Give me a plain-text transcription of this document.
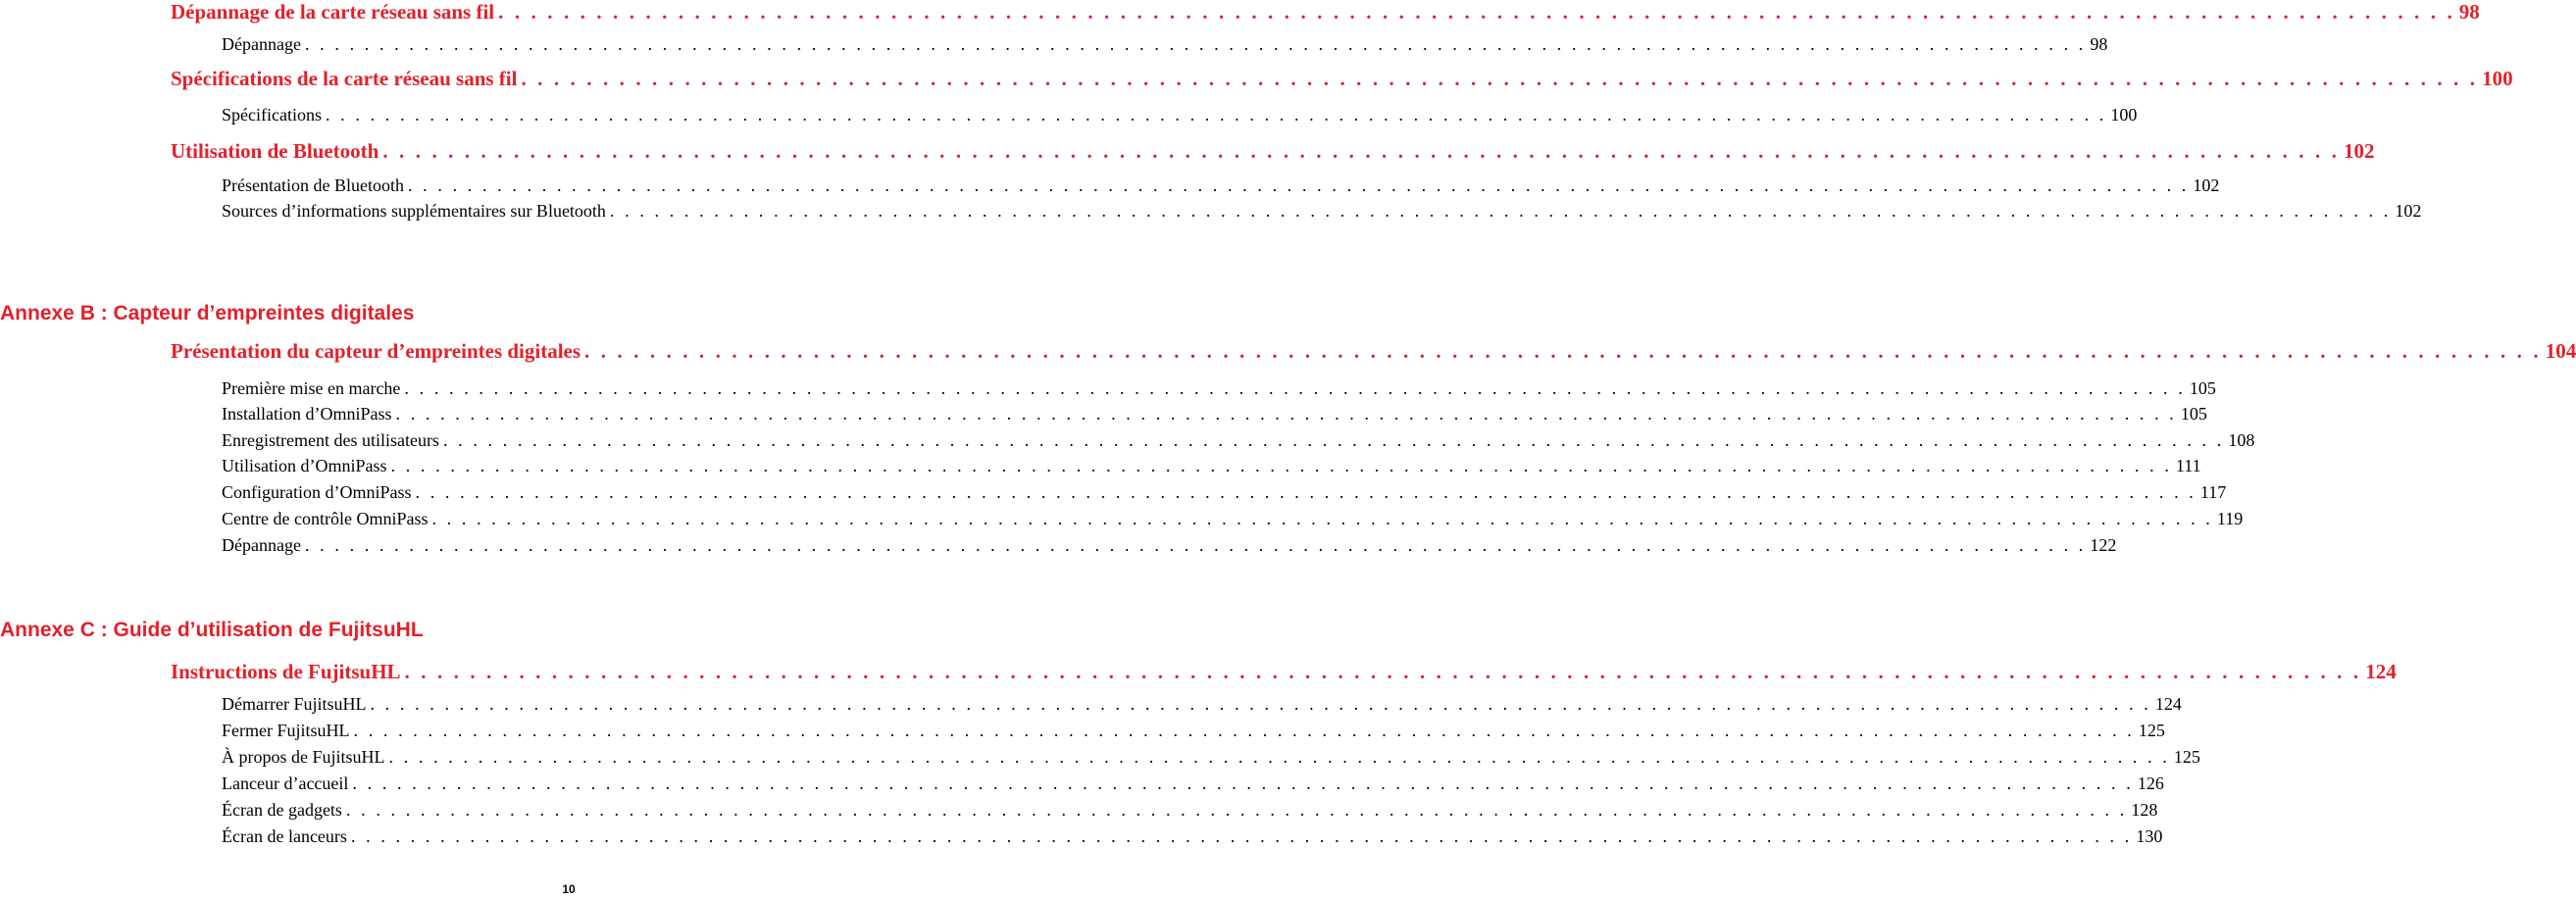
Dépannage de la carte réseau sans fil . . . . . . . . . . . . . . . . . . . . . . . . . . . . . . . . . . . . . . . . . . . . . . . . . . . . . . . . . . . . . . . . . . . . . . . . . . . . . . . . . . . . . . . . . . . . . . . . . . . . . . . . . . . . . . . . . . . . . . . . 98
Dépannage . . . . . . . . . . . . . . . . . . . . . . . . . . . . . . . . . . . . . . . . . . . . . . . . . . . . . . . . . . . . . . . . . . . . . . . . . . . . . . . . . . . . . . . . . . . . . . . . . . . . . . . . . . . . . . . . . . . . . . . . 98
Spécifications de la carte réseau sans fil . . . . . . . . . . . . . . . . . . . . . . . . . . . . . . . . . . . . . . . . . . . . . . . . . . . . . . . . . . . . . . . . . . . . . . . . . . . . . . . . . . . . . . . . . . . . . . . . . . . . . . . . . . . . . . . . . . . . . . . . 100
Spécifications . . . . . . . . . . . . . . . . . . . . . . . . . . . . . . . . . . . . . . . . . . . . . . . . . . . . . . . . . . . . . . . . . . . . . . . . . . . . . . . . . . . . . . . . . . . . . . . . . . . . . . . . . . . . . . . . . . . . . . . . 100
Utilisation de Bluetooth . . . . . . . . . . . . . . . . . . . . . . . . . . . . . . . . . . . . . . . . . . . . . . . . . . . . . . . . . . . . . . . . . . . . . . . . . . . . . . . . . . . . . . . . . . . . . . . . . . . . . . . . . . . . . . . . . . . . . . . . 102
Présentation de Bluetooth . . . . . . . . . . . . . . . . . . . . . . . . . . . . . . . . . . . . . . . . . . . . . . . . . . . . . . . . . . . . . . . . . . . . . . . . . . . . . . . . . . . . . . . . . . . . . . . . . . . . . . . . . . . . . . . . . . . . . . . . 102
Sources d’informations supplémentaires sur Bluetooth . . . . . . . . . . . . . . . . . . . . . . . . . . . . . . . . . . . . . . . . . . . . . . . . . . . . . . . . . . . . . . . . . . . . . . . . . . . . . . . . . . . . . . . . . . . . . . . . . . . . . . . . . . . . . . . . . . . . . . . . 102
Annexe B : Capteur d’empreintes digitales
Présentation du capteur d’empreintes digitales . . . . . . . . . . . . . . . . . . . . . . . . . . . . . . . . . . . . . . . . . . . . . . . . . . . . . . . . . . . . . . . . . . . . . . . . . . . . . . . . . . . . . . . . . . . . . . . . . . . . . . . . . . . . . . . . . . . . . . . . 104
Première mise en marche . . . . . . . . . . . . . . . . . . . . . . . . . . . . . . . . . . . . . . . . . . . . . . . . . . . . . . . . . . . . . . . . . . . . . . . . . . . . . . . . . . . . . . . . . . . . . . . . . . . . . . . . . . . . . . . . . . . . . . . . 105
Installation d’OmniPass . . . . . . . . . . . . . . . . . . . . . . . . . . . . . . . . . . . . . . . . . . . . . . . . . . . . . . . . . . . . . . . . . . . . . . . . . . . . . . . . . . . . . . . . . . . . . . . . . . . . . . . . . . . . . . . . . . . . . . . . 105
Enregistrement des utilisateurs . . . . . . . . . . . . . . . . . . . . . . . . . . . . . . . . . . . . . . . . . . . . . . . . . . . . . . . . . . . . . . . . . . . . . . . . . . . . . . . . . . . . . . . . . . . . . . . . . . . . . . . . . . . . . . . . . . . . . . . . 108
Utilisation d’OmniPass . . . . . . . . . . . . . . . . . . . . . . . . . . . . . . . . . . . . . . . . . . . . . . . . . . . . . . . . . . . . . . . . . . . . . . . . . . . . . . . . . . . . . . . . . . . . . . . . . . . . . . . . . . . . . . . . . . . . . . . . 111
Configuration d’OmniPass . . . . . . . . . . . . . . . . . . . . . . . . . . . . . . . . . . . . . . . . . . . . . . . . . . . . . . . . . . . . . . . . . . . . . . . . . . . . . . . . . . . . . . . . . . . . . . . . . . . . . . . . . . . . . . . . . . . . . . . . 117
Centre de contrôle OmniPass . . . . . . . . . . . . . . . . . . . . . . . . . . . . . . . . . . . . . . . . . . . . . . . . . . . . . . . . . . . . . . . . . . . . . . . . . . . . . . . . . . . . . . . . . . . . . . . . . . . . . . . . . . . . . . . . . . . . . . . . 119
Dépannage . . . . . . . . . . . . . . . . . . . . . . . . . . . . . . . . . . . . . . . . . . . . . . . . . . . . . . . . . . . . . . . . . . . . . . . . . . . . . . . . . . . . . . . . . . . . . . . . . . . . . . . . . . . . . . . . . . . . . . . . 122
Annexe C : Guide d’utilisation de FujitsuHL
Instructions de FujitsuHL . . . . . . . . . . . . . . . . . . . . . . . . . . . . . . . . . . . . . . . . . . . . . . . . . . . . . . . . . . . . . . . . . . . . . . . . . . . . . . . . . . . . . . . . . . . . . . . . . . . . . . . . . . . . . . . . . . . . . . . . 124
Démarrer FujitsuHL . . . . . . . . . . . . . . . . . . . . . . . . . . . . . . . . . . . . . . . . . . . . . . . . . . . . . . . . . . . . . . . . . . . . . . . . . . . . . . . . . . . . . . . . . . . . . . . . . . . . . . . . . . . . . . . . . . . . . . . . 124
Fermer FujitsuHL . . . . . . . . . . . . . . . . . . . . . . . . . . . . . . . . . . . . . . . . . . . . . . . . . . . . . . . . . . . . . . . . . . . . . . . . . . . . . . . . . . . . . . . . . . . . . . . . . . . . . . . . . . . . . . . . . . . . . . . . 125
À propos de FujitsuHL . . . . . . . . . . . . . . . . . . . . . . . . . . . . . . . . . . . . . . . . . . . . . . . . . . . . . . . . . . . . . . . . . . . . . . . . . . . . . . . . . . . . . . . . . . . . . . . . . . . . . . . . . . . . . . . . . . . . . . . . 125
Lanceur d’accueil . . . . . . . . . . . . . . . . . . . . . . . . . . . . . . . . . . . . . . . . . . . . . . . . . . . . . . . . . . . . . . . . . . . . . . . . . . . . . . . . . . . . . . . . . . . . . . . . . . . . . . . . . . . . . . . . . . . . . . . . 126
Écran de gadgets . . . . . . . . . . . . . . . . . . . . . . . . . . . . . . . . . . . . . . . . . . . . . . . . . . . . . . . . . . . . . . . . . . . . . . . . . . . . . . . . . . . . . . . . . . . . . . . . . . . . . . . . . . . . . . . . . . . . . . . . 128
Écran de lanceurs . . . . . . . . . . . . . . . . . . . . . . . . . . . . . . . . . . . . . . . . . . . . . . . . . . . . . . . . . . . . . . . . . . . . . . . . . . . . . . . . . . . . . . . . . . . . . . . . . . . . . . . . . . . . . . . . . . . . . . . . 130
10
